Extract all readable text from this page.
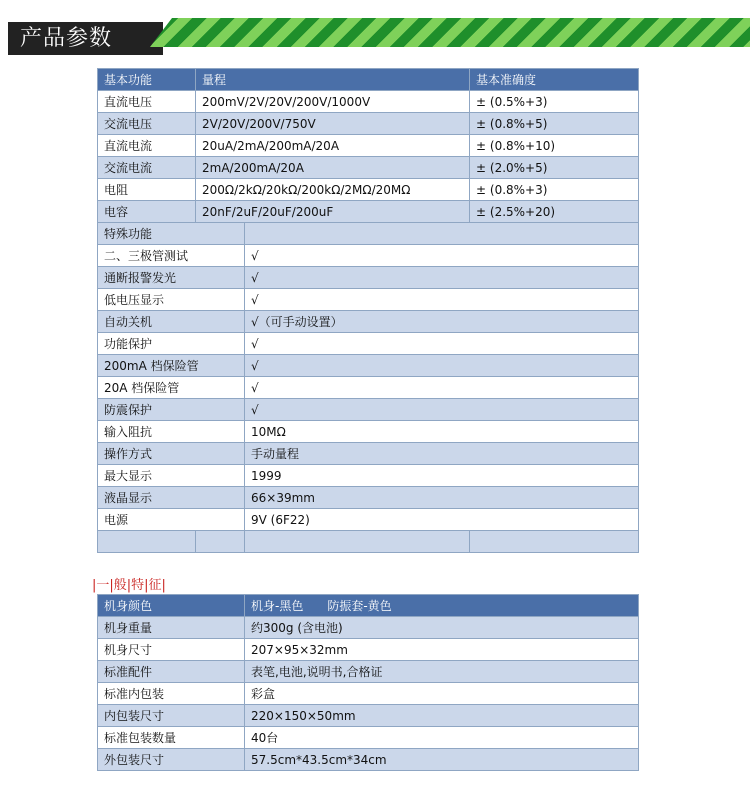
产品参数
基本功能	量程		基本准确度
直流电压	200mV/2V/20V/200V/1000V		± (0.5%+3)
交流电压	2V/20V/200V/750V		± (0.8%+5)
直流电流	20uA/2mA/200mA/20A		± (0.8%+10)
交流电流	2mA/200mA/20A		± (2.0%+5)
电阻	200Ω/2kΩ/20kΩ/200kΩ/2MΩ/20MΩ		± (0.8%+3)
电容	20nF/2uF/20uF/200uF		± (2.5%+20)
特殊功能			
二、三极管测试		√	
通断报警发光		√	
低电压显示		√	
自动关机		√（可手动设置）	
功能保护		√	
200mA 档保险管		√	
20A 档保险管		√	
防震保护		√	
输入阻抗		10MΩ	
操作方式		手动量程	
最大显示		1999	
液晶显示		66×39mm	
电源		9V (6F22)	

|一|般|特|征|
机身颜色	机身-黑色　　防振套-黄色
机身重量	约300g (含电池)
机身尺寸	207×95×32mm
标准配件	表笔,电池,说明书,合格证
标准内包装	彩盒
内包装尺寸	220×150×50mm
标准包装数量	40台
外包装尺寸	57.5cm*43.5cm*34cm
